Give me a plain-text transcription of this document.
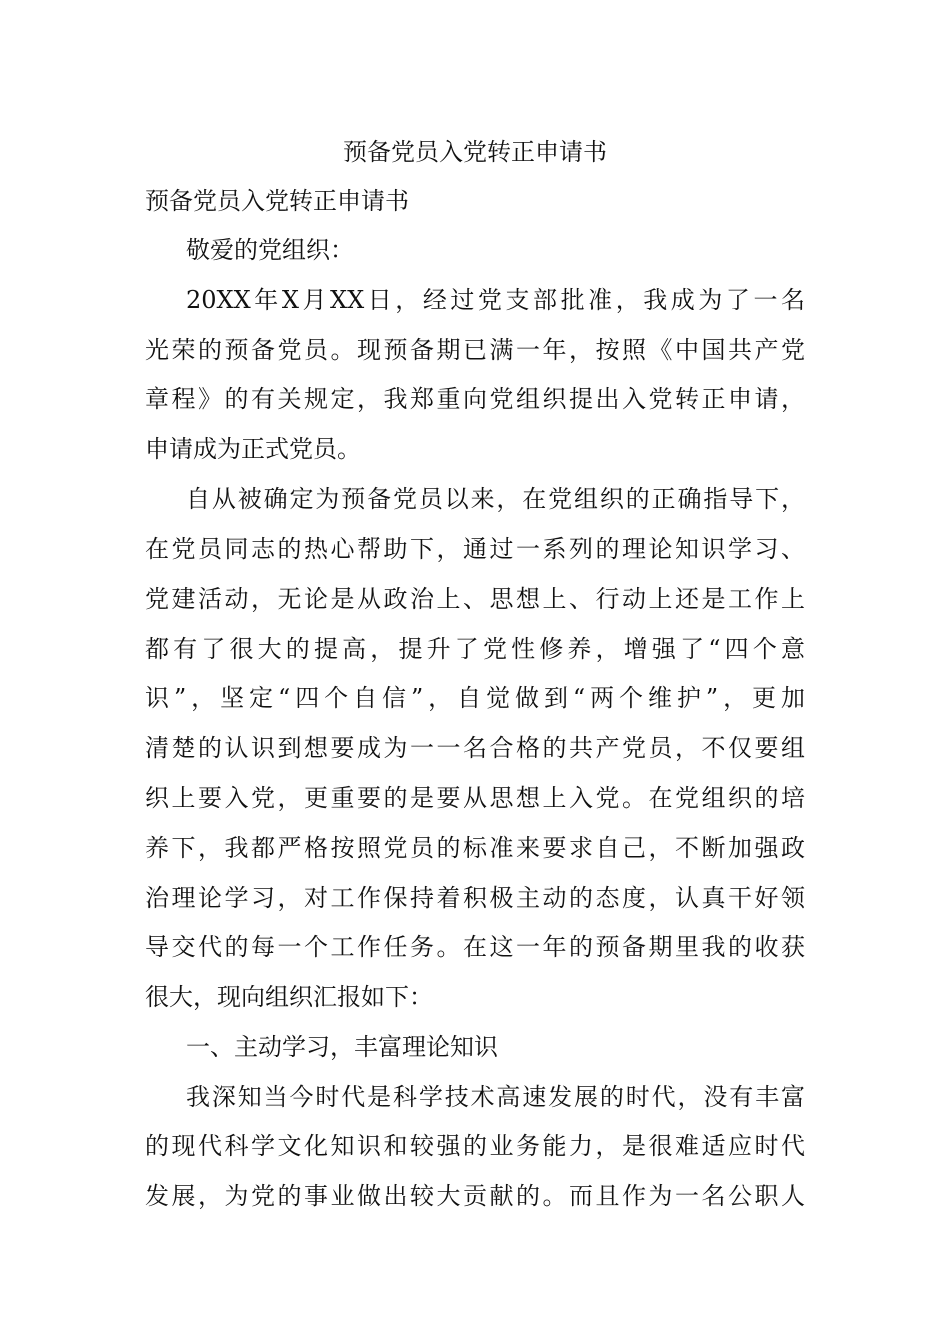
预备党员入党转正申请书
预备党员入党转正申请书
敬爱的党组织：
20XX年X月XX日，经过党支部批准，我成为了一名
光荣的预备党员。现预备期已满一年，按照《中国共产党
章程》的有关规定，我郑重向党组织提出入党转正申请，
申请成为正式党员。
自从被确定为预备党员以来，在党组织的正确指导下，
在党员同志的热心帮助下，通过一系列的理论知识学习、
党建活动，无论是从政治上、思想上、行动上还是工作上
都有了很大的提高，提升了党性修养，增强了“四个意
识”，坚定“四个自信”，自觉做到“两个维护”，更加
清楚的认识到想要成为一一名合格的共产党员，不仅要组
织上要入党，更重要的是要从思想上入党。在党组织的培
养下，我都严格按照党员的标准来要求自己，不断加强政
治理论学习，对工作保持着积极主动的态度，认真干好领
导交代的每一个工作任务。在这一年的预备期里我的收获
很大，现向组织汇报如下：
一、主动学习，丰富理论知识
我深知当今时代是科学技术高速发展的时代，没有丰富
的现代科学文化知识和较强的业务能力，是很难适应时代
发展，为党的事业做出较大贡献的。而且作为一名公职人
